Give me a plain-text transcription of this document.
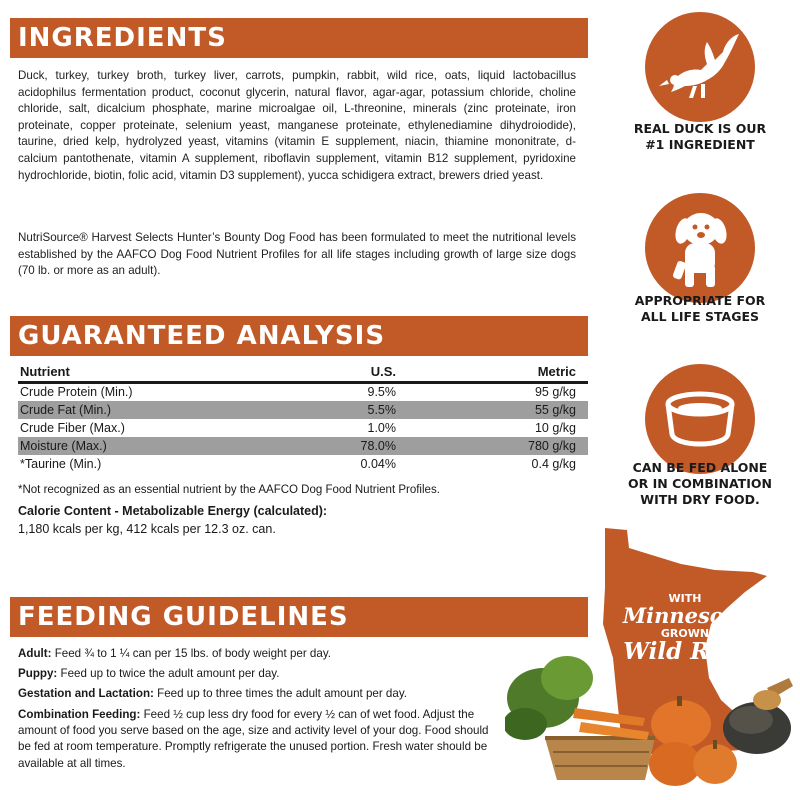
INGREDIENTS

Duck, turkey, turkey broth, turkey liver, carrots, pumpkin, rabbit, wild rice, oats, liquid lactobacillus acidophilus fermentation product, coconut glycerin, natural flavor, agar-agar, potassium chloride, choline chloride, salt, dicalcium phosphate, marine microalgae oil, L-threonine, minerals (zinc proteinate, iron proteinate, copper proteinate, selenium yeast, manganese proteinate, ethylenediamine dihydroiodide), taurine, dried kelp, hydrolyzed yeast, vitamins (vitamin E supplement, niacin, thiamine mononitrate, d-calcium pantothenate, vitamin A supplement, riboflavin supplement, vitamin B12 supplement, pyridoxine hydrochloride, biotin, folic acid, vitamin D3 supplement), yucca schidigera extract, brewers dried yeast.

NutriSource® Harvest Selects Hunter’s Bounty Dog Food has been formulated to meet the nutritional levels established by the AAFCO Dog Food Nutrient Profiles for all life stages including growth of large size dogs (70 lb. or more as an adult).

GUARANTEED ANALYSIS
Nutrient	U.S.	Metric
Crude Protein (Min.)	9.5%	95 g/kg
Crude Fat (Min.)	5.5%	55 g/kg
Crude Fiber (Max.)	1.0%	10 g/kg
Moisture (Max.)	78.0%	780 g/kg
*Taurine (Min.)	0.04%	0.4 g/kg
*Not recognized as an essential nutrient by the AAFCO Dog Food Nutrient Profiles.
Calorie Content - Metabolizable Energy (calculated):
1,180 kcals per kg, 412 kcals per 12.3 oz. can.
FEEDING GUIDELINES

Adult: Feed ¾ to 1 ¼ can per 15 lbs. of body weight per day.

Puppy: Feed up to twice the adult amount per day.

Gestation and Lactation: Feed up to three times the adult amount per day.

Combination Feeding: Feed ½ cup less dry food for every ½ can of wet food. Adjust the amount of food you serve based on the age, size and activity level of your dog. Food should be fed at room temperature. Promptly refrigerate the unused portion. Fresh water should be available at all times.

REAL DUCK IS OUR
#1 INGREDIENT
APPROPRIATE FOR
ALL LIFE STAGES
CAN BE FED ALONE
OR IN COMBINATION
WITH DRY FOOD.
WITH
Minnesota
GROWN
Wild Rice
